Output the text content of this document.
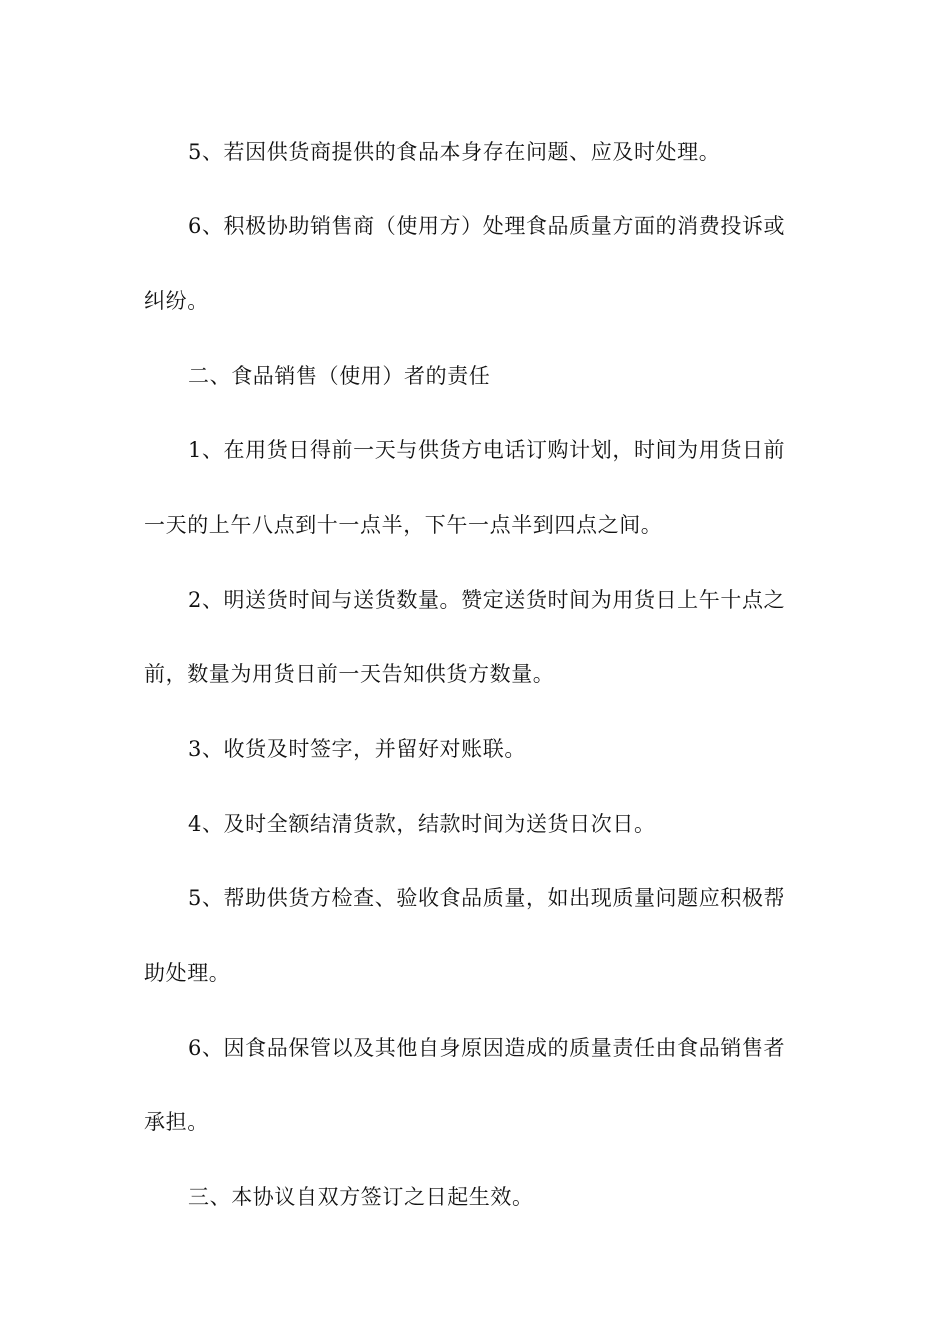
5、若因供货商提供的食品本身存在问题、应及时处理。
6、积极协助销售商（使用方）处理食品质量方面的消费投诉或
纠纷。
二、食品销售（使用）者的责任
1、在用货日得前一天与供货方电话订购计划，时间为用货日前
一天的上午八点到十一点半，下午一点半到四点之间。
2、明送货时间与送货数量。赞定送货时间为用货日上午十点之
前，数量为用货日前一天告知供货方数量。
3、收货及时签字，并留好对账联。
4、及时全额结清货款，结款时间为送货日次日。
5、帮助供货方检查、验收食品质量，如出现质量问题应积极帮
助处理。
6、因食品保管以及其他自身原因造成的质量责任由食品销售者
承担。
三、本协议自双方签订之日起生效。
